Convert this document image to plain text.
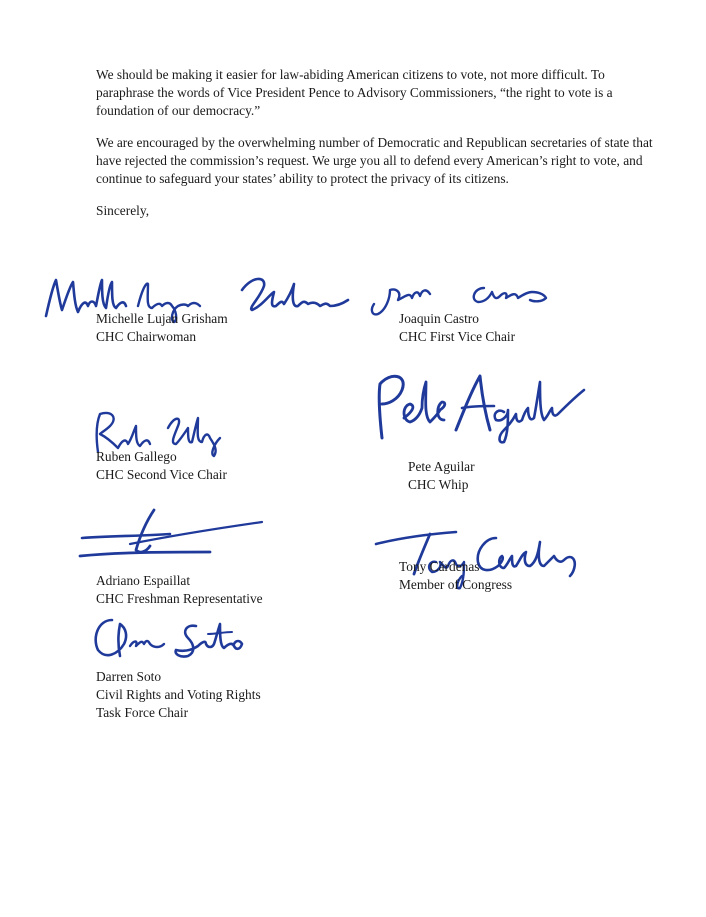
We should be making it easier for law-abiding American citizens to vote, not more difficult. To paraphrase the words of Vice President Pence to Advisory Commissioners, “the right to vote is a foundation of our democracy.”

We are encouraged by the overwhelming number of Democratic and Republican secretaries of state that have rejected the commission’s request. We urge you all to defend every American’s right to vote, and continue to safeguard your states’ ability to protect the privacy of its citizens.

Sincerely,

Michelle Lujan Grisham
CHC Chairwoman
Joaquin Castro
CHC First Vice Chair
Ruben Gallego
CHC Second Vice Chair
Pete Aguilar
CHC Whip
Adriano Espaillat
CHC Freshman Representative
Tony Cárdenas
Member of Congress
Darren Soto
Civil Rights and Voting Rights
Task Force Chair
